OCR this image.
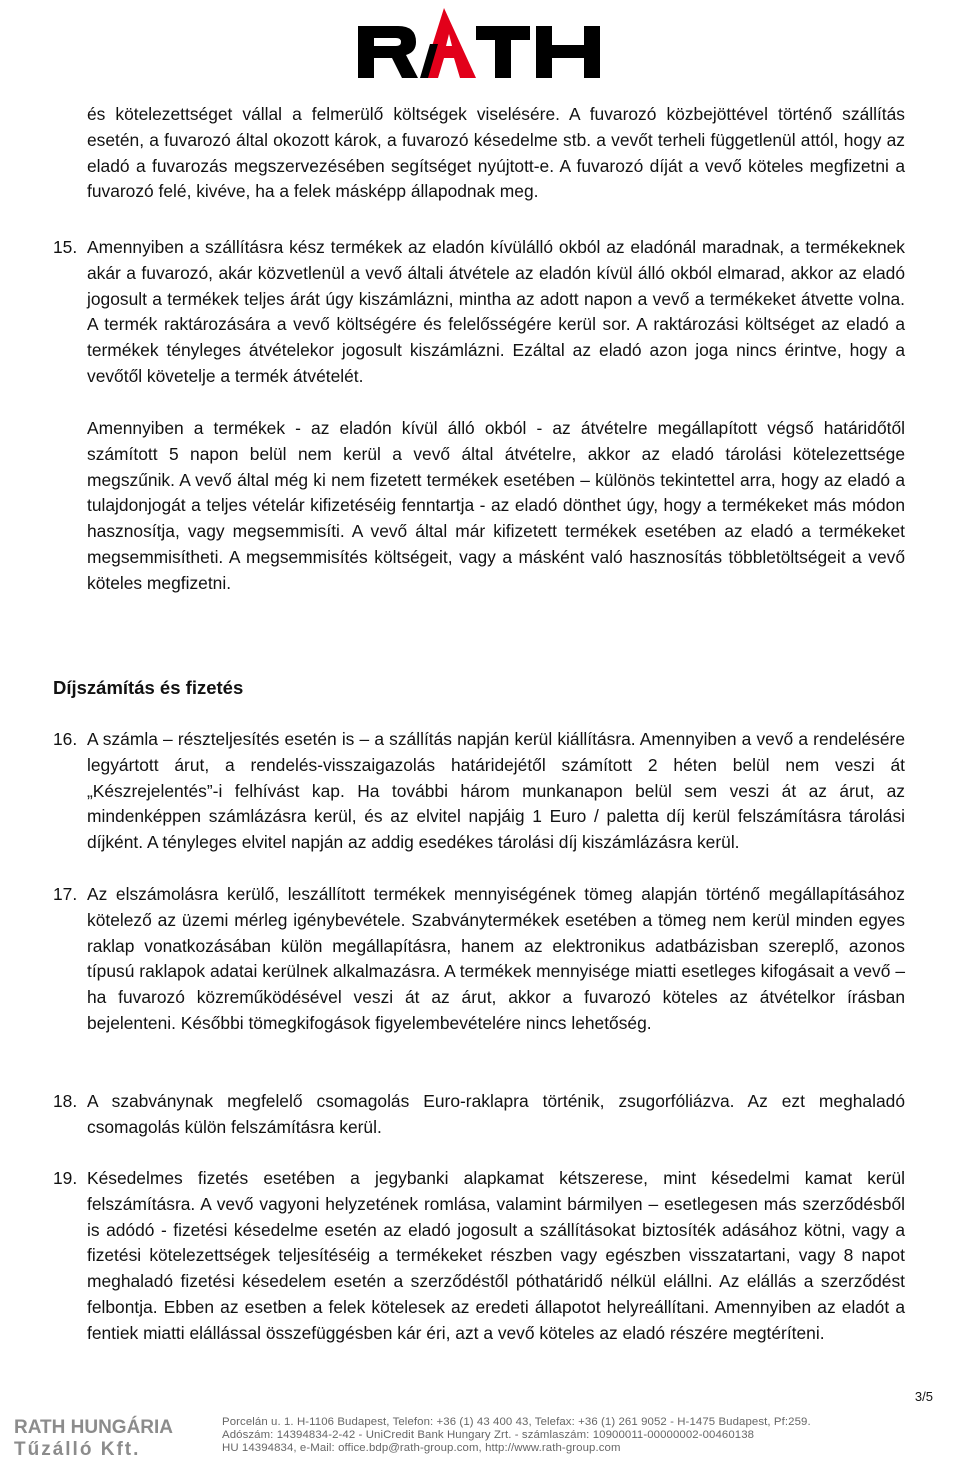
és kötelezettséget vállal a felmerülő költségek viselésére. A fuvarozó közbejöttével történő szállítás esetén, a fuvarozó által okozott károk, a fuvarozó késedelme stb. a vevőt terheli függetlenül attól, hogy az eladó a fuvarozás megszervezésében segítséget nyújtott-e. A fuvarozó díját a vevő köteles megfizetni a fuvarozó felé, kivéve, ha a felek másképp állapodnak meg.

15. Amennyiben a szállításra kész termékek az eladón kívülálló okból az eladónál maradnak, a termékeknek akár a fuvarozó, akár közvetlenül a vevő általi átvétele az eladón kívül álló okból elmarad, akkor az eladó jogosult a termékek teljes árát úgy kiszámlázni, mintha az adott napon a vevő a termékeket átvette volna. A termék raktározására a vevő költségére és felelősségére kerül sor. A raktározási költséget az eladó a termékek tényleges átvételekor jogosult kiszámlázni. Ezáltal az eladó azon joga nincs érintve, hogy a vevőtől követelje a termék átvételét.

Amennyiben a termékek - az eladón kívül álló okból - az átvételre megállapított végső határidőtől számított 5 napon belül nem kerül a vevő által átvételre, akkor az eladó tárolási kötelezettsége megszűnik. A vevő által még ki nem fizetett termékek esetében – különös tekintettel arra, hogy az eladó a tulajdonjogát a teljes vételár kifizetéséig fenntartja - az eladó dönthet úgy, hogy a termékeket más módon hasznosítja, vagy megsemmisíti. A vevő által már kifizetett termékek esetében az eladó a termékeket megsemmisítheti. A megsemmisítés költségeit, vagy a másként való hasznosítás többletöltségeit a vevő köteles megfizetni.

Díjszámítás és fizetés
16. A számla – részteljesítés esetén is – a szállítás napján kerül kiállításra. Amennyiben a vevő a rendelésére legyártott árut, a rendelés-visszaigazolás határidejétől számított 2 héten belül nem veszi át „Készrejelentés”-i felhívást kap. Ha további három munkanapon belül sem veszi át az árut, az mindenképpen számlázásra kerül, és az elvitel napjáig 1 Euro / paletta díj kerül felszámításra tárolási díjként. A tényleges elvitel napján az addig esedékes tárolási díj kiszámlázásra kerül.

17. Az elszámolásra kerülő, leszállított termékek mennyiségének tömeg alapján történő megállapításához kötelező az üzemi mérleg igénybevétele. Szabványtermékek esetében a tömeg nem kerül minden egyes raklap vonatkozásában külön megállapításra, hanem az elektronikus adatbázisban szereplő, azonos típusú raklapok adatai kerülnek alkalmazásra. A termékek mennyisége miatti esetleges kifogásait a vevő – ha fuvarozó közreműködésével veszi át az árut, akkor a fuvarozó köteles az átvételkor írásban bejelenteni. Későbbi tömegkifogások figyelembevételére nincs lehetőség.

18. A szabványnak megfelelő csomagolás Euro-raklapra történik, zsugorfóliázva. Az ezt meghaladó csomagolás külön felszámításra kerül.

19. Késedelmes fizetés esetében a jegybanki alapkamat kétszerese, mint késedelmi kamat kerül felszámításra. A vevő vagyoni helyzetének romlása, valamint bármilyen – esetlegesen más szerződésből is adódó - fizetési késedelme esetén az eladó jogosult a szállításokat biztosíték adásához kötni, vagy a fizetési kötelezettségek teljesítéséig a termékeket részben vagy egészben visszatartani, vagy 8 napot meghaladó fizetési késedelem esetén a szerződéstől póthatáridő nélkül elállni. Az elállás a szerződést felbontja. Ebben az esetben a felek kötelesek az eredeti állapotot helyreállítani. Amennyiben az eladót a fentiek miatti elállással összefüggésben kár éri, azt a vevő köteles az eladó részére megtéríteni.

3/5
RATH HUNGÁRIA
Tűzálló Kft.
Porcelán u. 1. H-1106 Budapest, Telefon: +36 (1) 43 400 43, Telefax: +36 (1) 261 9052 - H-1475 Budapest, Pf:259.
Adószám: 14394834-2-42 - UniCredit Bank Hungary Zrt. - számlaszám: 10900011-00000002-00460138
HU 14394834, e-Mail: office.bdp@rath-group.com, http://www.rath-group.com
